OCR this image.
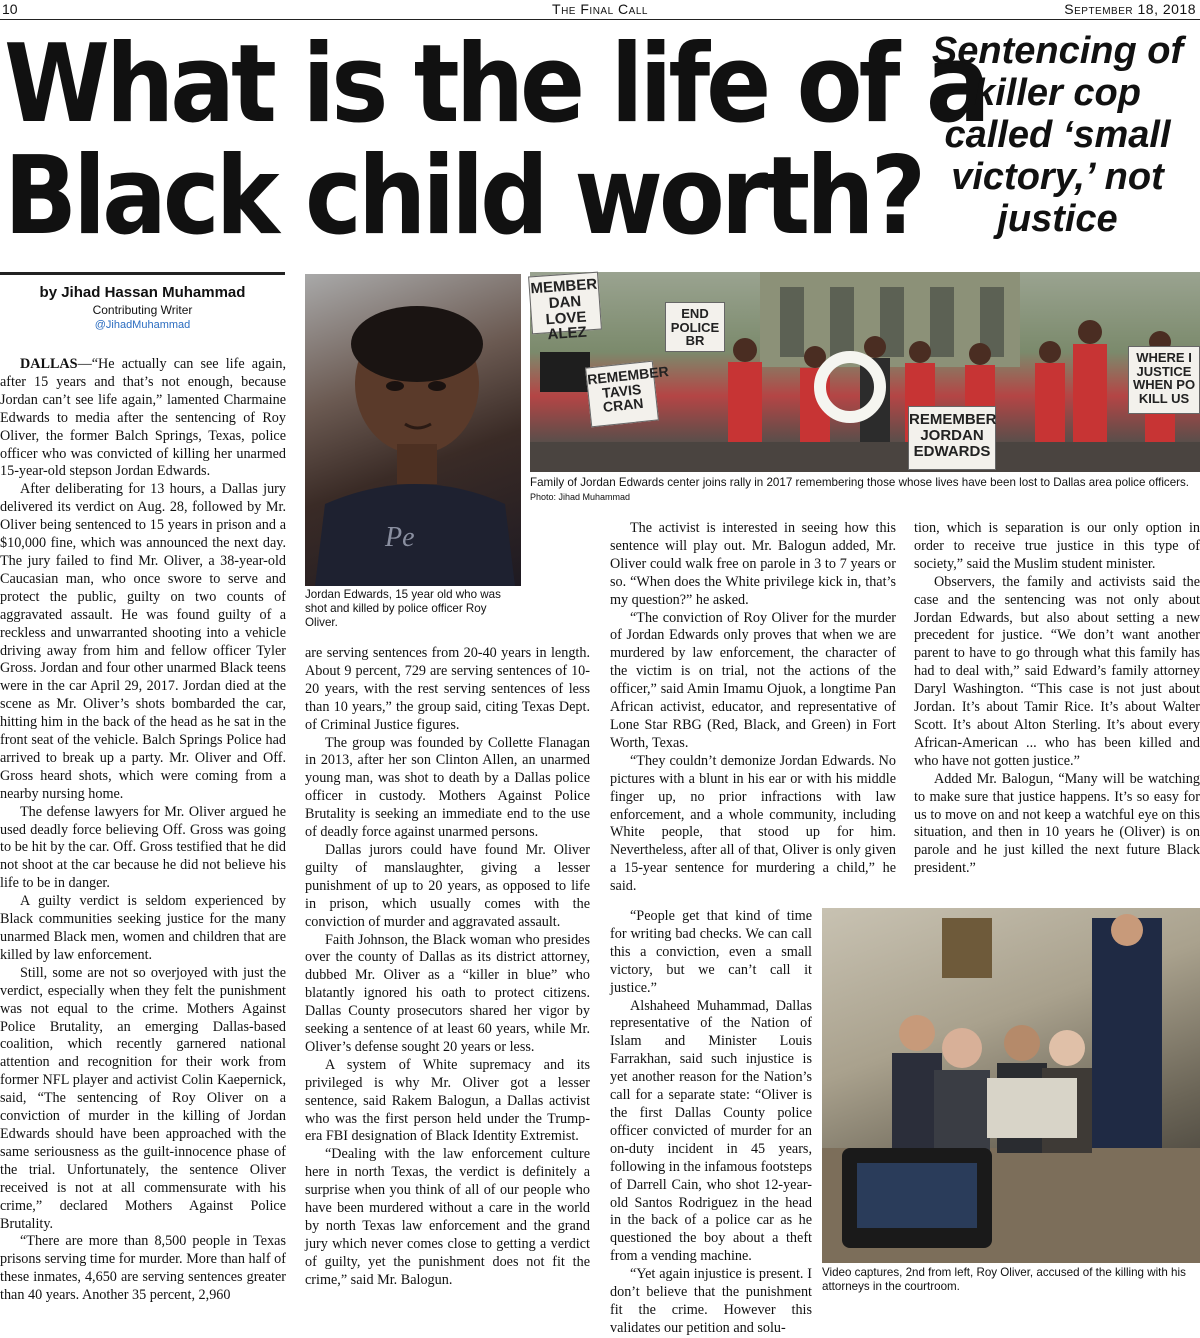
10	The Final Call	September 18, 2018
What is the life of a
Black child worth?
Sentencing of killer cop called ‘small victory,’ not justice
by Jihad Hassan Muhammad
Contributing Writer
@JihadMuhammad
Pe
MEMBER DAN LOVE ALEZ
END POLICE BR
REMEMBER TAVIS CRAN
REMEMBER JORDAN EDWARDS
WHERE I JUSTICE WHEN PO KILL US
Jordan Edwards, 15 year old who was shot and killed by police officer Roy Oliver.
Family of Jordan Edwards center joins rally in 2017 remembering those whose lives have been lost to Dallas area police officers. Photo: Jihad Muhammad
Video captures, 2nd from left, Roy Oliver, accused of the killing with his attorneys in the courtroom.

DALLAS—“He actually can see life again, after 15 years and that’s not enough, because Jordan can’t see life again,” lamented Charmaine Edwards to media after the sentencing of Roy Oliver, the former Balch Springs, Texas, police officer who was convicted of killing her unarmed 15-year-old stepson Jordan Edwards.

After deliberating for 13 hours, a Dallas jury delivered its verdict on Aug. 28, followed by Mr. Oliver being sentenced to 15 years in prison and a $10,000 fine, which was announced the next day. The jury failed to find Mr. Oliver, a 38-year-old Caucasian man, who once swore to serve and protect the public, guilty on two counts of aggravated assault. He was found guilty of a reckless and unwarranted shooting into a vehicle driving away from him and fellow officer Tyler Gross. Jordan and four other unarmed Black teens were in the car April 29, 2017. Jordan died at the scene as Mr. Oliver’s shots bombarded the car, hitting him in the back of the head as he sat in the front seat of the vehicle. Balch Springs Police had arrived to break up a party. Mr. Oliver and Off. Gross heard shots, which were coming from a nearby nursing home.

The defense lawyers for Mr. Oliver argued he used deadly force believing Off. Gross was going to be hit by the car. Off. Gross testified that he did not shoot at the car because he did not believe his life to be in danger.

A guilty verdict is seldom experienced by Black communities seeking justice for the many unarmed Black men, women and children that are killed by law enforcement.

Still, some are not so overjoyed with just the verdict, especially when they felt the punishment was not equal to the crime. Mothers Against Police Brutality, an emerging Dallas-based coalition, which recently garnered national attention and recognition for their work from former NFL player and activist Colin Kaepernick, said, “The sentencing of Roy Oliver on a conviction of murder in the killing of Jordan Edwards should have been approached with the same seriousness as the guilt-innocence phase of the trial. Unfortunately, the sentence Oliver received is not at all commensurate with his crime,” declared Mothers Against Police Brutality.

“There are more than 8,500 people in Texas prisons serving time for murder. More than half of these inmates, 4,650 are serving sentences greater than 40 years. Another 35 percent, 2,960

are serving sentences from 20-40 years in length. About 9 percent, 729 are serving sentences of 10-20 years, with the rest serving sentences of less than 10 years,” the group said, citing Texas Dept. of Criminal Justice figures.

The group was founded by Collette Flanagan in 2013, after her son Clinton Allen, an unarmed young man, was shot to death by a Dallas police officer in custody. Mothers Against Police Brutality is seeking an immediate end to the use of deadly force against unarmed persons.

Dallas jurors could have found Mr. Oliver guilty of manslaughter, giving a lesser punishment of up to 20 years, as opposed to life in prison, which usually comes with the conviction of murder and aggravated assault.

Faith Johnson, the Black woman who presides over the county of Dallas as its district attorney, dubbed Mr. Oliver as a “killer in blue” who blatantly ignored his oath to protect citizens. Dallas County prosecutors shared her vigor by seeking a sentence of at least 60 years, while Mr. Oliver’s defense sought 20 years or less.

A system of White supremacy and its privileged is why Mr. Oliver got a lesser sentence, said Rakem Balogun, a Dallas activist who was the first person held under the Trump-era FBI designation of Black Identity Extremist.

“Dealing with the law enforcement culture here in north Texas, the verdict is definitely a surprise when you think of all of our people who have been murdered without a care in the world by north Texas law enforcement and the grand jury which never comes close to getting a verdict of guilty, yet the punishment does not fit the crime,” said Mr. Balogun.

The activist is interested in seeing how this sentence will play out. Mr. Balogun added, Mr. Oliver could walk free on parole in 3 to 7 years or so. “When does the White privilege kick in, that’s my question?” he asked.

“The conviction of Roy Oliver for the murder of Jordan Edwards only proves that when we are murdered by law enforcement, the character of the victim is on trial, not the actions of the officer,” said Amin Imamu Ojuok, a longtime Pan African activist, educator, and representative of Lone Star RBG (Red, Black, and Green) in Fort Worth, Texas.

“They couldn’t demonize Jordan Edwards. No pictures with a blunt in his ear or with his middle finger up, no prior infractions with law enforcement, and a whole community, including White people, that stood up for him. Nevertheless, after all of that, Oliver is only given a 15-year sentence for murdering a child,” he said.

“People get that kind of time for writing bad checks. We can call this a conviction, even a small victory, but we can’t call it justice.”

Alshaheed Muhammad, Dallas representative of the Nation of Islam and Minister Louis Farrakhan, said such injustice is yet another reason for the Nation’s call for a separate state: “Oliver is the first Dallas County police officer convicted of murder for an on-duty incident in 45 years, following in the infamous footsteps of Darrell Cain, who shot 12-year-old Santos Rodriguez in the head in the back of a police car as he questioned the boy about a theft from a vending machine.

“Yet again injustice is present. I don’t believe that the punishment fit the crime. However this validates our petition and solu-

tion, which is separation is our only option in order to receive true justice in this type of society,” said the Muslim student minister.

Observers, the family and activists said the case and the sentencing was not only about Jordan Edwards, but also about setting a new precedent for justice. “We don’t want another parent to have to go through what this family has had to deal with,” said Edward’s family attorney Daryl Washington. “This case is not just about Jordan. It’s about Tamir Rice. It’s about Walter Scott. It’s about Alton Sterling. It’s about every African-American ... who has been killed and who have not gotten justice.”

Added Mr. Balogun, “Many will be watching to make sure that justice happens. It’s so easy for us to move on and not keep a watchful eye on this situation, and then in 10 years he (Oliver) is on parole and he just killed the next future Black president.”
